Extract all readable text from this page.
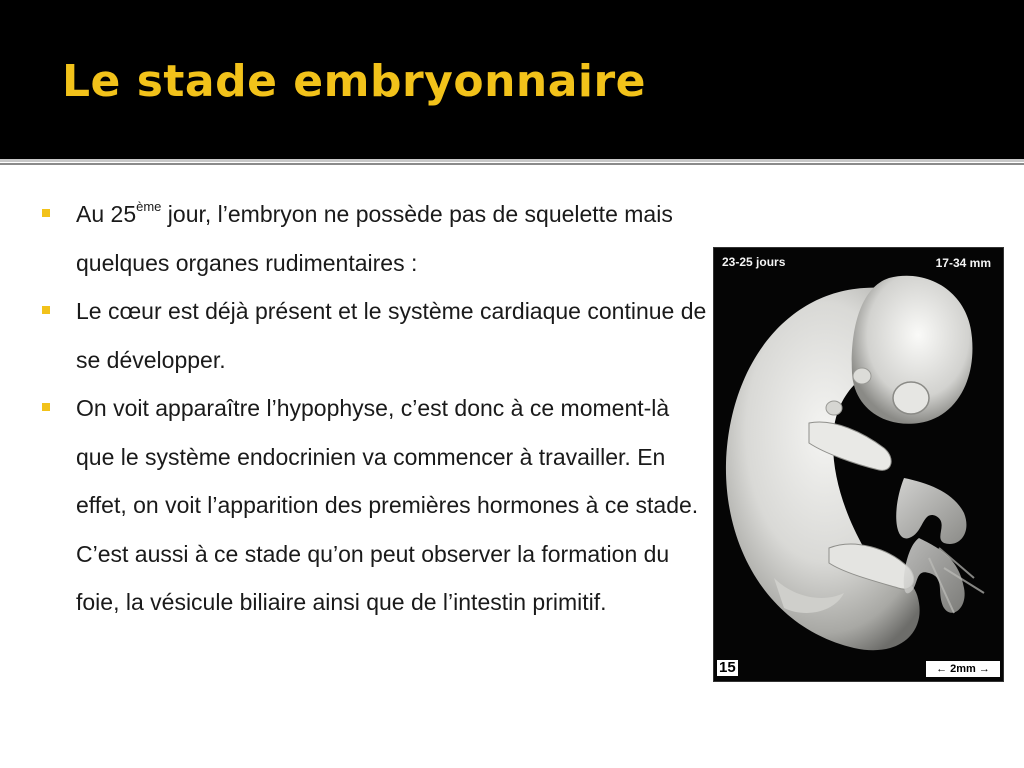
Le stade embryonnaire
Au 25ème jour, l’embryon ne possède pas de squelette mais quelques organes rudimentaires :
Le cœur est déjà présent et le système cardiaque continue de se développer.
On voit apparaître l’hypophyse, c’est donc à ce moment-là que le système endocrinien va commencer à travailler. En effet, on voit l’apparition des premières hormones à ce stade. C’est aussi à ce stade qu’on peut observer la formation du foie, la vésicule biliaire ainsi que de l’intestin primitif.
23-25 jours	17-34 mm
15	← 2mm →
